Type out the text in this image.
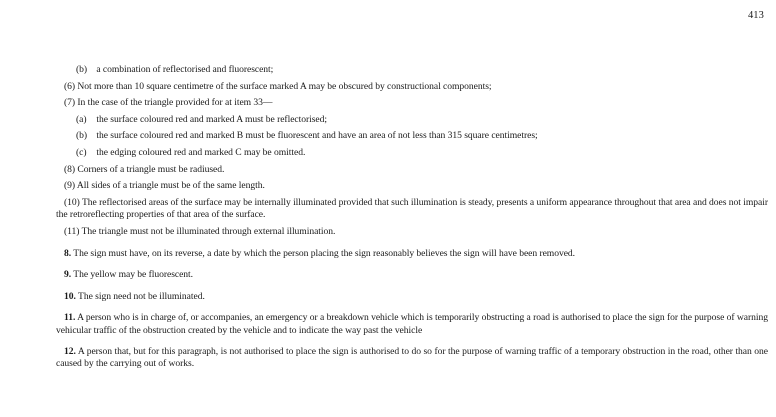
413
(b) a combination of reflectorised and fluorescent;
(6) Not more than 10 square centimetre of the surface marked A may be obscured by constructional components;
(7) In the case of the triangle provided for at item 33—
(a) the surface coloured red and marked A must be reflectorised;
(b) the surface coloured red and marked B must be fluorescent and have an area of not less than 315 square centimetres;
(c) the edging coloured red and marked C may be omitted.
(8) Corners of a triangle must be radiused.
(9) All sides of a triangle must be of the same length.
(10) The reflectorised areas of the surface may be internally illuminated provided that such illumination is steady, presents a uniform appearance throughout that area and does not impair the retroreflecting properties of that area of the surface.
(11) The triangle must not be illuminated through external illumination.
8. The sign must have, on its reverse, a date by which the person placing the sign reasonably believes the sign will have been removed.
9. The yellow may be fluorescent.
10. The sign need not be illuminated.
11. A person who is in charge of, or accompanies, an emergency or a breakdown vehicle which is temporarily obstructing a road is authorised to place the sign for the purpose of warning vehicular traffic of the obstruction created by the vehicle and to indicate the way past the vehicle
12. A person that, but for this paragraph, is not authorised to place the sign is authorised to do so for the purpose of warning traffic of a temporary obstruction in the road, other than one caused by the carrying out of works.
